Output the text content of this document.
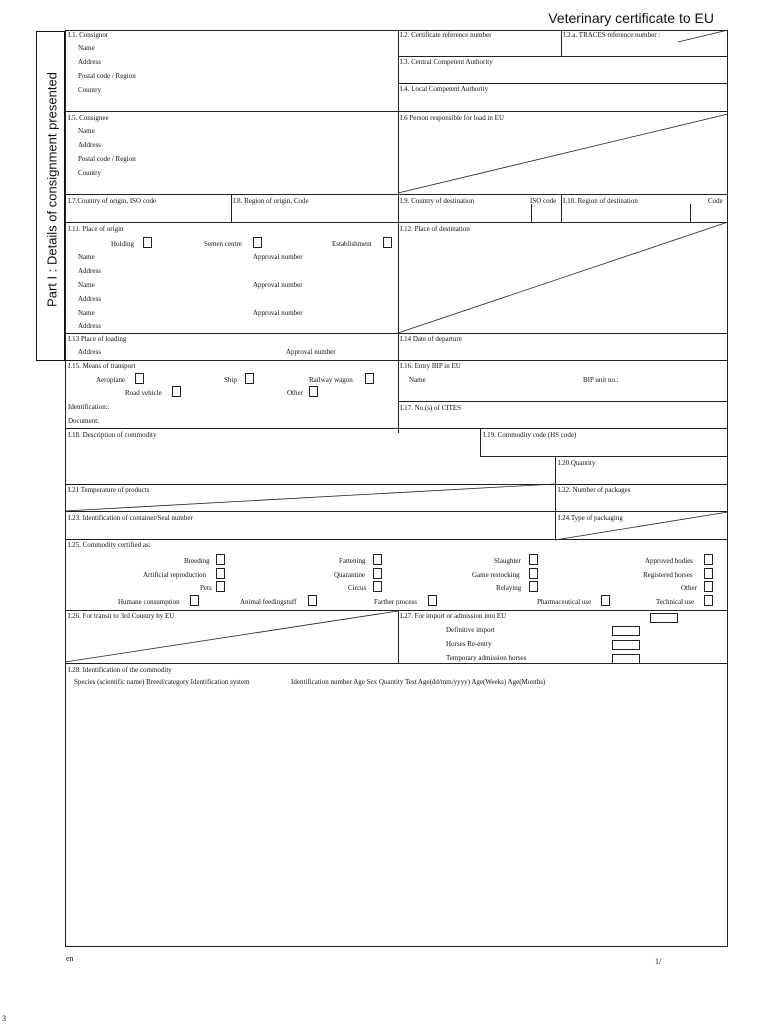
Veterinary certificate to EU
Part I : Details of consignment presented
I.1. Consignor
Name
Address
Postal code / Region
Country
I.2. Certificate reference number	I.2.a. TRACES reference number :
I.3. Central Competent Authority
I.4. Local Competent Authority
I.5. Consignee
Name
Address
Postal code / Region
Country
I.6 Person responsible for load in EU
I.7.Country of origin, ISO code	I.8. Region of origin, Code	I.9. Country of destination	ISO code I.10. Region of destination	Code
I.11. Place of origin
Holding	Semen centre	Establishment
Name	Approval number
Address
Name	Approval number
Address
Name	Approval number
Address
I.12. Place of destination
I.13 Place of loading
Address	Approval number
I.14 Date of departure
I.15. Means of transport
Aeroplane	Ship	Railway wagon
Road vehicle	Other
Identification::
Document:
I.16. Entry BIP in EU
Name	BIP unit no.:
I.17. No.(s) of CITES
I.18. Description of commodity	I.19. Commodity code (HS code)
I.20.Quantity
I.21 Temperature of products	I.22. Number of packages
I.23. Identification of container/Seal number	I.24.Type of packaging
I.25. Commodity certified as:
Breeding	Fattening	Slaughter	Approved bodies
Artificial reproduction	Quarantine	Game restocking	Registered horses
Pets	Circus	Relaying	Other
Humane consumption	Animal feedingstuff	Farther process	Pharmaceutical use	Technical use
I.26. For transit to 3rd Country by EU	I.27. For import or admission into EU
Definitive import
Horses Re-entry
Temporary admission horses
I.28. Identification of the commodity
Species (scientific name) Breed/category Identification system	Identification number Age Sex Quantity Test Age(dd/mm/yyyy) Age(Weeks) Age(Months)
en	1/
3
